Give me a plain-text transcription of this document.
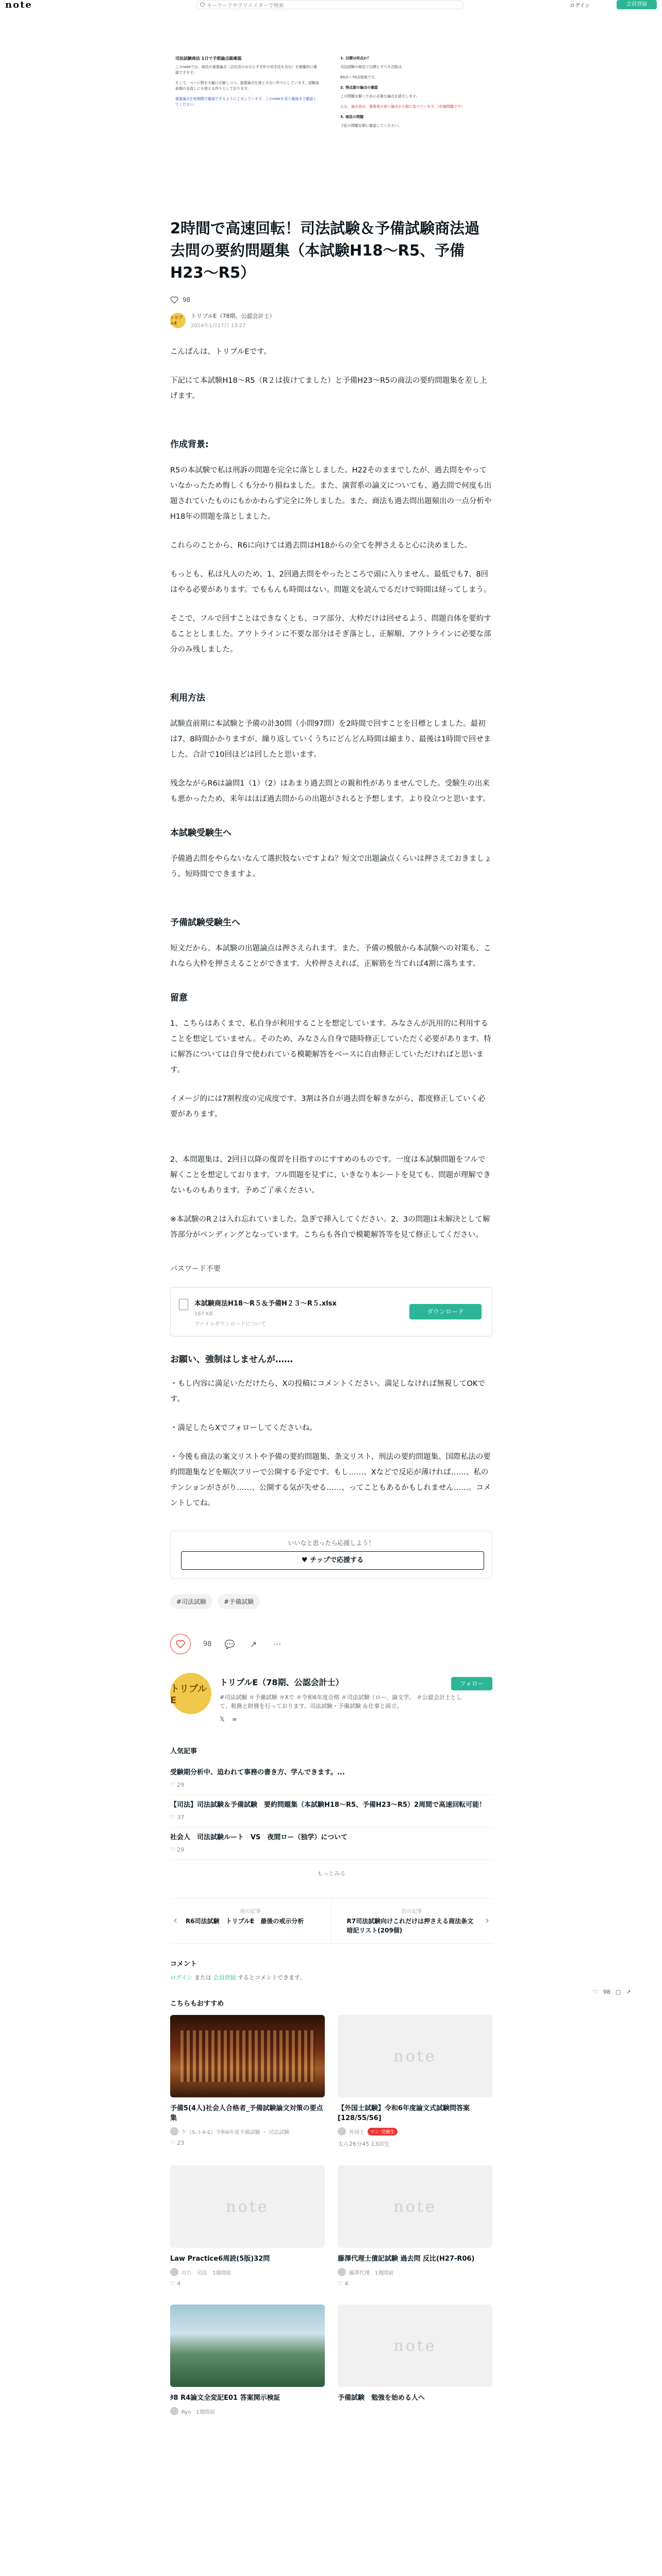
note	キーワードやクリエイターで検索	ログイン	会員登録
司法試験商法 1日で予想論点総確認

このnoteでは、商法の重要論点（会社法のみならず手形小切手法も含む）を網羅的に確認できます。

そして、ページ数を大幅に圧縮しつつ、重要論点を落とさない作りにしています。試験直前期の見直しにも使える作りとしております。

重要論点を短期間で確認できるように工夫しています。このnoteを見て最後まで確認してください。

1. 目標は何点か？

司法試験の商法で目標とすべき点数は、

60点〜70点程度です。

2. 得点源の論点の確認

この問題を解くために必要な論点を紹介します。

なお、論点表は、重要度の高い論点から順に並べています。（伏線問題です）

3. 商法の問題

下記の問題を順に確認してください。

2時間で高速回転！司法試験＆予備試験商法過去問の要約問題集（本試験H18〜R5、予備H23〜R5）
98
トリプルE
トリプルE（78期、公認会計士）
2024年1月17日 13:27

こんばんは、トリプルEです。

下記にて本試験H18〜R5（R２は抜けてました）と予備H23〜R5の商法の要約問題集を差し上げます。

作成背景:

R5の本試験で私は刑訴の問題を完全に落としました。H22そのままでしたが、過去問をやっていなかったため悔しくも分かり損ねました。また、演習系の論文についても、過去問で何度も出題されていたものにもかかわらず完全に外しました。また、商法も過去問出題頻出の一点分析やH18年の問題を落としました。

これらのことから、R6に向けては過去問はH18からの全てを押さえると心に決めました。

もっとも、私は凡人のため、1、2回過去問をやったところで頭に入りません。最低でも7、8回はやる必要があります。でももんも時間はない。問題文を読んでるだけで時間は経ってしまう。

そこで、フルで回すことはできなくとも、コア部分、大枠だけは回せるよう、問題自体を要約することとしました。アウトラインに不要な部分はそぎ落とし、正解順、アウトラインに必要な部分のみ残しました。

利用方法

試験直前期に本試験と予備の計30問（小問97問）を2時間で回すことを目標としました。最初は7、8時間かかりますが、繰り返していくうちにどんどん時間は縮まり、最後は1時間で回せました。合計で10回ほどは回したと思います。

残念ながらR6は論問1（1）（2）はあまり過去問との親和性がありませんでした。受験生の出来も悪かったため、来年はほぼ過去問からの出題がされると予想します。より役立つと思います。

本試験受験生へ

予備過去問をやらないなんて選択肢ないですよね？短文で出題論点くらいは押さえておきましょう。短時間でできますよ。

予備試験受験生へ

短文だから、本試験の出題論点は押さえられます。また、予備の模倣から本試験への対策も、これなら大枠を押さえることができます。大枠押さえれば、正解筋を当てれば4割に落ちます。

留意

1、こちらはあくまで、私自身が利用することを想定しています。みなさんが汎用的に利用することを想定していません。そのため、みなさん自身で随時修正していただく必要があります。特に解答については自身で使われている模範解答をベースに自由修正していただければと思います。

イメージ的には7割程度の完成度です。3割は各自が過去問を解きながら、都度修正していく必要があります。

2、本問題集は、2回目以降の復習を目指すのにすすめのものです。一度は本試験問題をフルで解くことを想定しております。フル問題を見ずに、いきなり本シートを見ても、問題が理解できないものもあります。予めご了承ください。

※本試験のR２は入れ忘れていました。急ぎで挿入してください。2、3の問題は未解決として解答部分がペンディングとなっています。こちらも各自で模範解答等を見て修正してください。

パスワード不要
本試験商法H18〜R５＆予備H２３〜R５.xlsx
167 KB
ファイルダウンロードについて
ダウンロード
お願い、強制はしませんが……

・もし内容に満足いただけたら、Xの投稿にコメントください。満足しなければ無視してOKです。

・満足したらXでフォローしてくださいね。

・今後も商法の案文リストや予備の要約問題集、条文リスト、刑法の要約問題集、国際私法の要約問題集などを順次フリーで公開する予定です。もし……、Xなどで反応が薄ければ……、私のテンションがさがり……、公開する気が失せる……、ってこともあるかもしれません……。コメントしてね。

いいなと思ったら応援しよう！
♥ チップで応援する
#司法試験	#予備試験
98 💬 ↗ ···
トリプルE
トリプルE（78期、公認会計士）
#司法試験 ＃予備試験 ＃Xで ＃令和6年度合格 ＃司法試験（ロー、論文学。 ＃公認会計士として、税務と財務を行っております。司法試験・予備試験 ＆仕事と両立。
𝕏 ∞
フォロー
人気記事
受験期分析中、追われて事務の書き方、学んできます。...
♡ 29
【司法】司法試験＆予備試験　要約問題集（本試験H18〜R5、予備H23〜R5）2周間で高速回転可能！
♡ 37
社会人　司法試験ルート　VS　夜間ロー（独学）について
♡ 29
もっとみる
‹
前の記事
R6司法試験　トリプルE　最後の戒示分析	›
次の記事
R7司法試験向けこれだけは押さえる商法条文暗記リスト(209個)
コメント
ログイン または 会員登録 するとコメントできます。
こちらもおすすめ
予備5(4人)社会人合格者_予備試験論文対策の要点集
ケ（S-ト4-S）令和6年度予備試験 ・ 司法試験
♡ 23
note
【外国士試験】令和6年度論文式試験問答案[128/55/56]
外国士	マン 受験生
太ら26分45 13回生
note
Law Practice6周読(5版)32問
のた　司法　1週間前
♡ 4
note
藤澤代理士債記試験 過去問 反比(H27-R06)
藤澤代理　1週間前
♡ 4
ﾀ8 R4論文全変記E01 答案開示検証
Ryo　1週間前
note
予備試験　勉強を始める人へ
♡ 98 ▢ ↗
